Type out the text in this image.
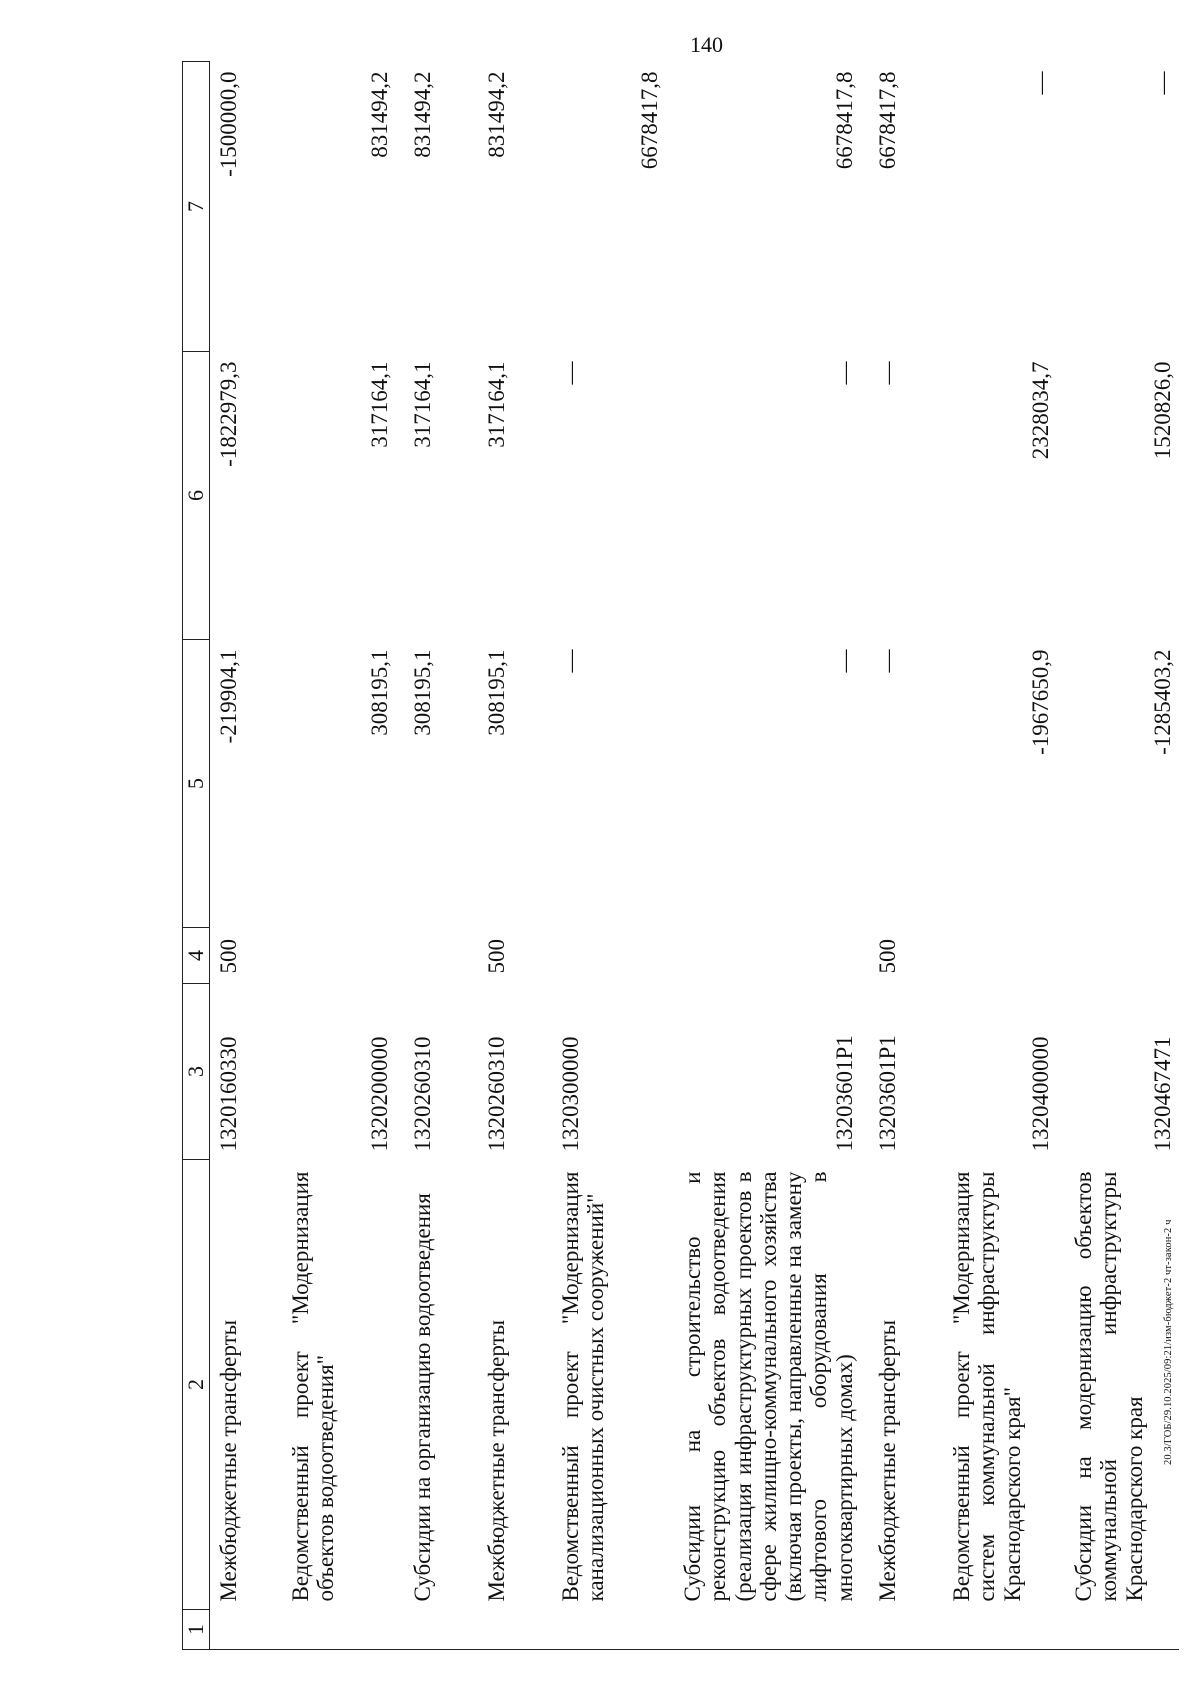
140
20.3/ГОБ/29.10.2025/09:21/изм-бюджет-2 чт-закон-2 ч
1	2	3	4	5	6	7
	Межбюджетные трансферты	1320160330	500	-219904,1	-1822979,3	-1500000,0
	Ведомственный проект "Модернизация объектов водоотведения"	1320200000		308195,1	317164,1	831494,2
	Субсидии на организацию водоотведения	1320260310		308195,1	317164,1	831494,2
	Межбюджетные трансферты	1320260310	500	308195,1	317164,1	831494,2
	Ведомственный проект "Модернизация канализационных очистных сооружений"	1320300000		—	—	6678417,8
	Субсидии на строительство и реконструкцию объектов водоотведения (реализация инфраструктурных проектов в сфере жилищно-коммунального хозяйства (включая проекты, направленные на замену лифтового оборудования в многоквартирных домах)	13203601P1		—	—	6678417,8
	Межбюджетные трансферты	13203601P1	500	—	—	6678417,8
	Ведомственный проект "Модернизация систем коммунальной инфраструктуры Краснодарского края"	1320400000		-1967650,9	2328034,7	—
	Субсидии на модернизацию объектов коммунальной инфраструктуры Краснодарского края	1320467471		-1285403,2	1520826,0	—
